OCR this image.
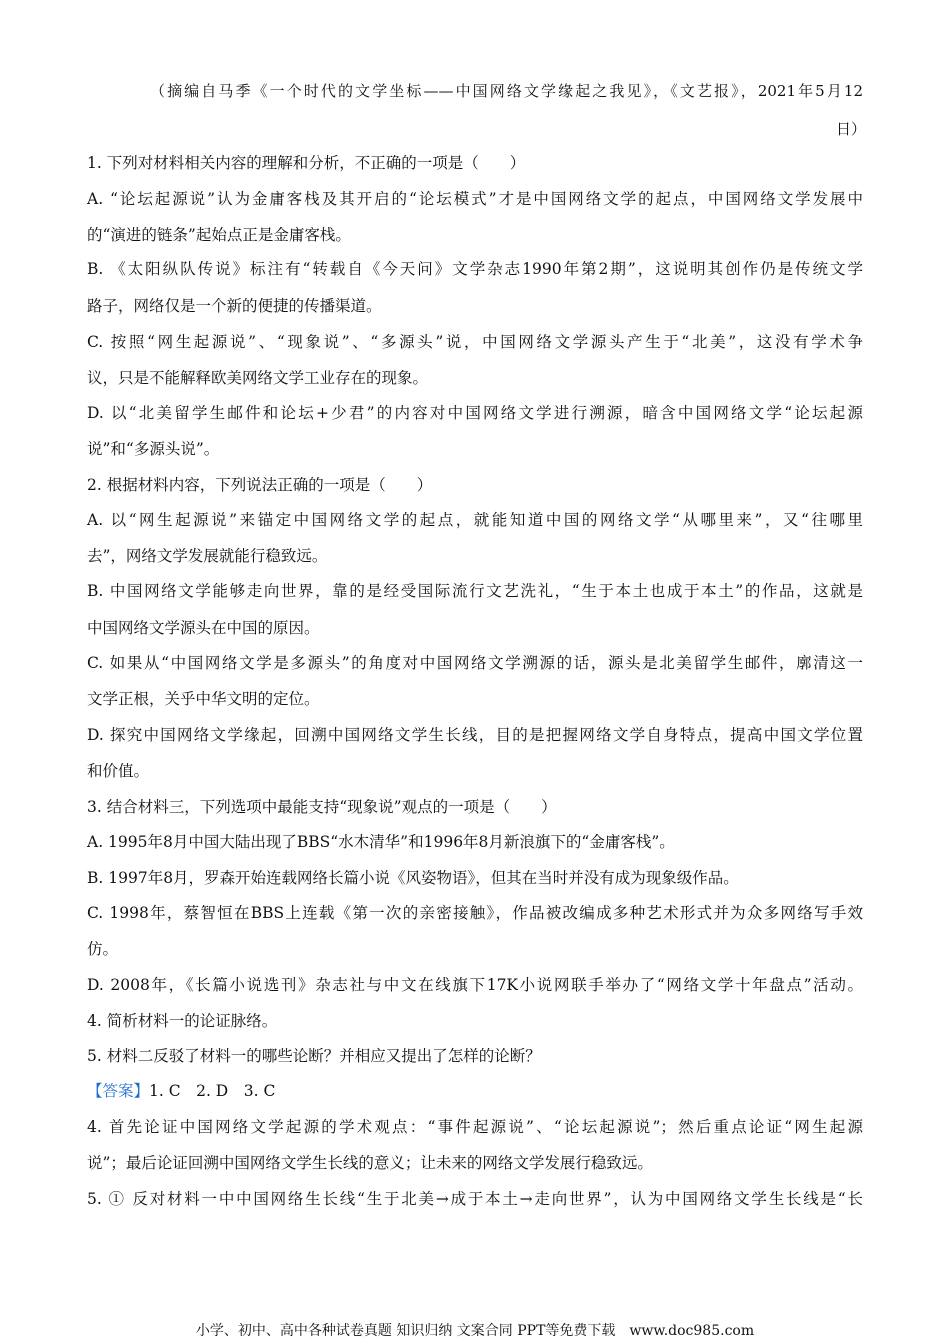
（摘编自马季《一个时代的文学坐标——中国网络文学缘起之我见》，《文艺报》，2021年5月12
日）
1. 下列对材料相关内容的理解和分析，不正确的一项是（　　）
A. “论坛起源说”认为金庸客栈及其开启的“论坛模式”才是中国网络文学的起点，中国网络文学发展中
的“演进的链条”起始点正是金庸客栈。
B. 《太阳纵队传说》标注有“转载自《今天问》文学杂志1990年第2期”，这说明其创作仍是传统文学
路子，网络仅是一个新的便捷的传播渠道。
C. 按照“网生起源说”、“现象说”、“多源头”说，中国网络文学源头产生于“北美”，这没有学术争
议，只是不能解释欧美网络文学工业存在的现象。
D. 以“北美留学生邮件和论坛+少君”的内容对中国网络文学进行溯源，暗含中国网络文学“论坛起源
说”和“多源头说”。
2. 根据材料内容，下列说法正确的一项是（　　）
A. 以“网生起源说”来锚定中国网络文学的起点，就能知道中国的网络文学“从哪里来”，又“往哪里
去”，网络文学发展就能行稳致远。
B. 中国网络文学能够走向世界，靠的是经受国际流行文艺洗礼，“生于本土也成于本土”的作品，这就是
中国网络文学源头在中国的原因。
C. 如果从“中国网络文学是多源头”的角度对中国网络文学溯源的话，源头是北美留学生邮件，廓清这一
文学正根，关乎中华文明的定位。
D. 探究中国网络文学缘起，回溯中国网络文学生长线，目的是把握网络文学自身特点，提高中国文学位置
和价值。
3. 结合材料三，下列选项中最能支持“现象说”观点的一项是（　　）
A. 1995年8月中国大陆出现了BBS“水木清华”和1996年8月新浪旗下的“金庸客栈”。
B. 1997年8月，罗森开始连载网络长篇小说《风姿物语》，但其在当时并没有成为现象级作品。
C. 1998年，蔡智恒在BBS上连载《第一次的亲密接触》，作品被改编成多种艺术形式并为众多网络写手效
仿。
D. 2008年，《长篇小说选刊》杂志社与中文在线旗下17K小说网联手举办了“网络文学十年盘点”活动。
4. 简析材料一的论证脉络。
5. 材料二反驳了材料一的哪些论断？并相应又提出了怎样的论断？
【答案】1. C　2. D　3. C
4. 首先论证中国网络文学起源的学术观点：“事件起源说”、“论坛起源说”；然后重点论证“网生起源
说”；最后论证回溯中国网络文学生长线的意义；让未来的网络文学发展行稳致远。
5. ① 反对材料一中中国网络生长线“生于北美→成于本土→走向世界”，认为中国网络文学生长线是“长
小学、初中、高中各种试卷真题 知识归纳 文案合同 PPT等免费下载 www.doc985.com
